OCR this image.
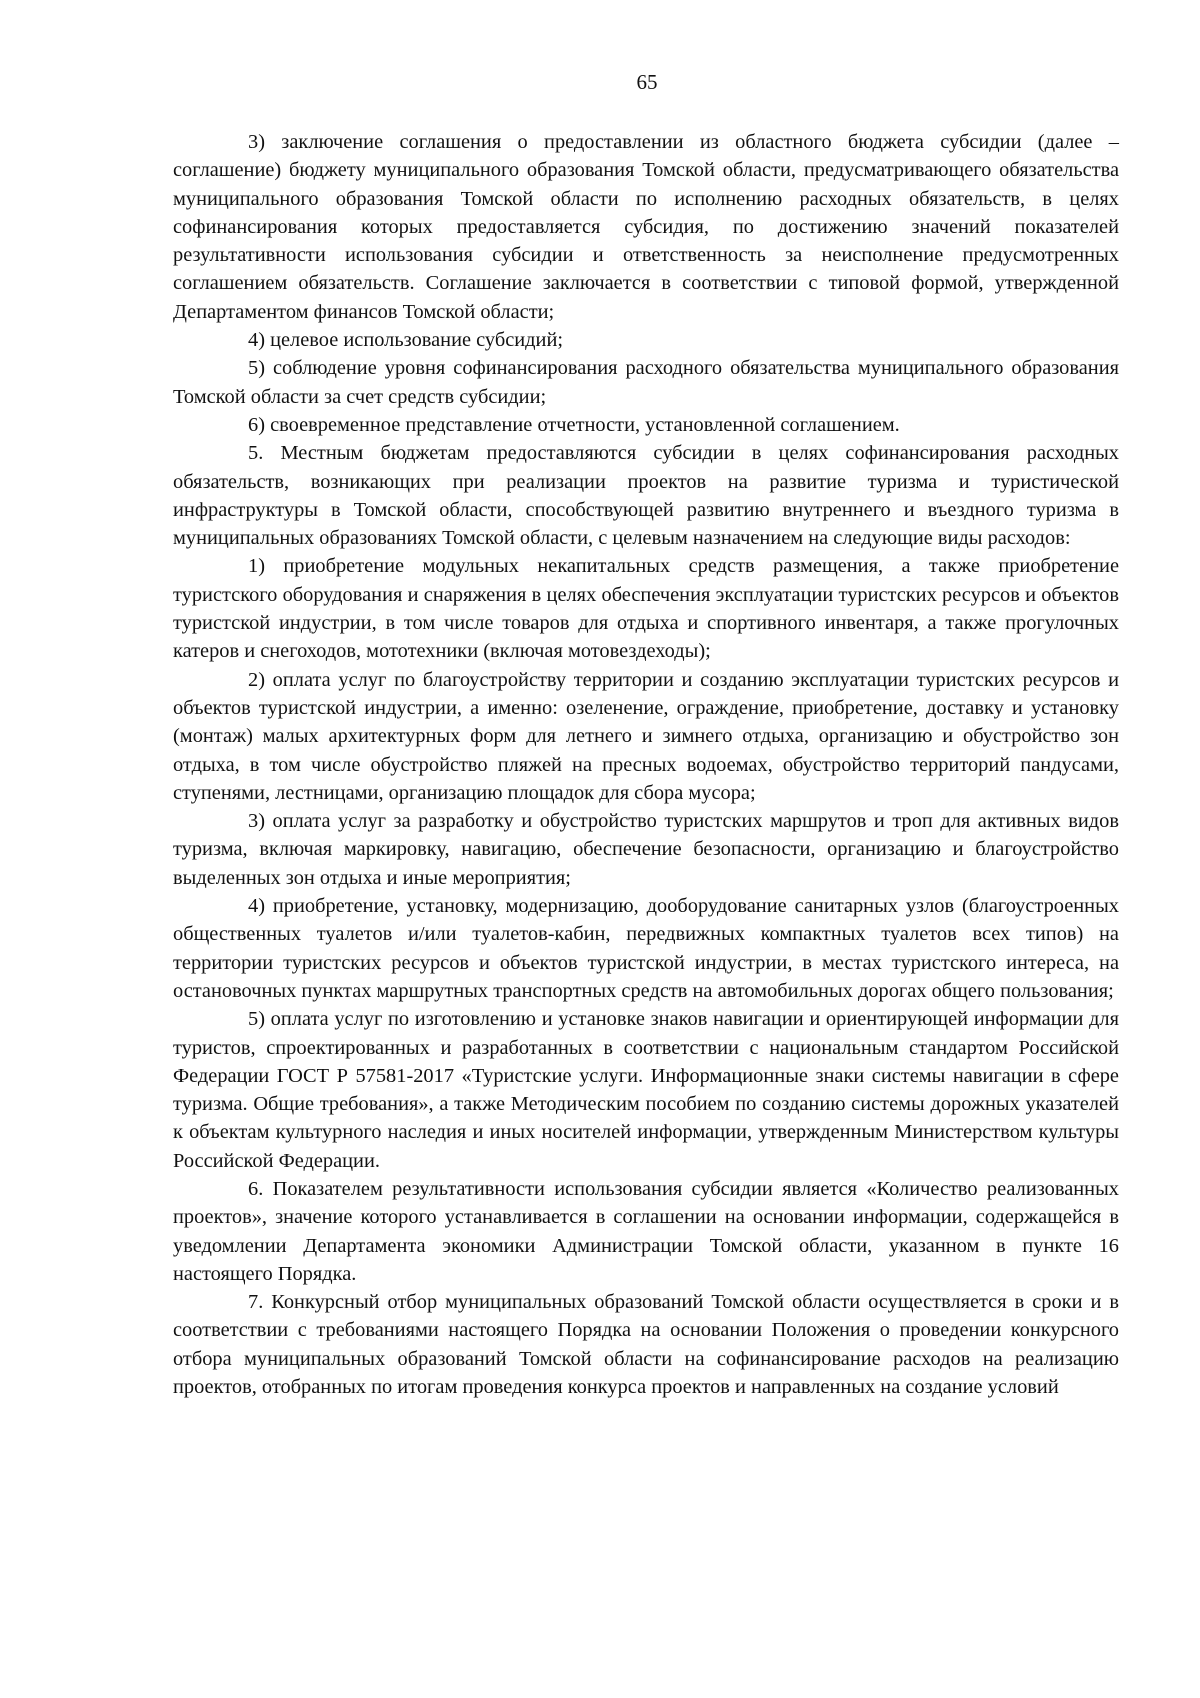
65

3) заключение соглашения о предоставлении из областного бюджета субсидии (далее – соглашение) бюджету муниципального образования Томской области, предусматривающего обязательства муниципального образования Томской области по исполнению расходных обязательств, в целях софинансирования которых предоставляется субсидия, по достижению значений показателей результативности использования субсидии и ответственность за неисполнение предусмотренных соглашением обязательств. Соглашение заключается в соответствии с типовой формой, утвержденной Департаментом финансов Томской области;

4) целевое использование субсидий;

5) соблюдение уровня софинансирования расходного обязательства муниципального образования Томской области за счет средств субсидии;

6) своевременное представление отчетности, установленной соглашением.

5. Местным бюджетам предоставляются субсидии в целях софинансирования расходных обязательств, возникающих при реализации проектов на развитие туризма и туристической инфраструктуры в Томской области, способствующей развитию внутреннего и въездного туризма в муниципальных образованиях Томской области, с целевым назначением на следующие виды расходов:

1) приобретение модульных некапитальных средств размещения, а также приобретение туристского оборудования и снаряжения в целях обеспечения эксплуатации туристских ресурсов и объектов туристской индустрии, в том числе товаров для отдыха и спортивного инвентаря, а также прогулочных катеров и снегоходов, мототехники (включая мотовездеходы);

2) оплата услуг по благоустройству территории и созданию эксплуатации туристских ресурсов и объектов туристской индустрии, а именно: озеленение, ограждение, приобретение, доставку и установку (монтаж) малых архитектурных форм для летнего и зимнего отдыха, организацию и обустройство зон отдыха, в том числе обустройство пляжей на пресных водоемах, обустройство территорий пандусами, ступенями, лестницами, организацию площадок для сбора мусора;

3) оплата услуг за разработку и обустройство туристских маршрутов и троп для активных видов туризма, включая маркировку, навигацию, обеспечение безопасности, организацию и благоустройство выделенных зон отдыха и иные мероприятия;

4) приобретение, установку, модернизацию, дооборудование санитарных узлов (благоустроенных общественных туалетов и/или туалетов-кабин, передвижных компактных туалетов всех типов) на территории туристских ресурсов и объектов туристской индустрии, в местах туристского интереса, на остановочных пунктах маршрутных транспортных средств на автомобильных дорогах общего пользования;

5) оплата услуг по изготовлению и установке знаков навигации и ориентирующей информации для туристов, спроектированных и разработанных в соответствии с национальным стандартом Российской Федерации ГОСТ Р 57581-2017 «Туристские услуги. Информационные знаки системы навигации в сфере туризма. Общие требования», а также Методическим пособием по созданию системы дорожных указателей к объектам культурного наследия и иных носителей информации, утвержденным Министерством культуры Российской Федерации.

6. Показателем результативности использования субсидии является «Количество реализованных проектов», значение которого устанавливается в соглашении на основании информации, содержащейся в уведомлении Департамента экономики Администрации Томской области, указанном в пункте 16 настоящего Порядка.

7. Конкурсный отбор муниципальных образований Томской области осуществляется в сроки и в соответствии с требованиями настоящего Порядка на основании Положения о проведении конкурсного отбора муниципальных образований Томской области на софинансирование расходов на реализацию проектов, отобранных по итогам проведения конкурса проектов и направленных на создание условий
